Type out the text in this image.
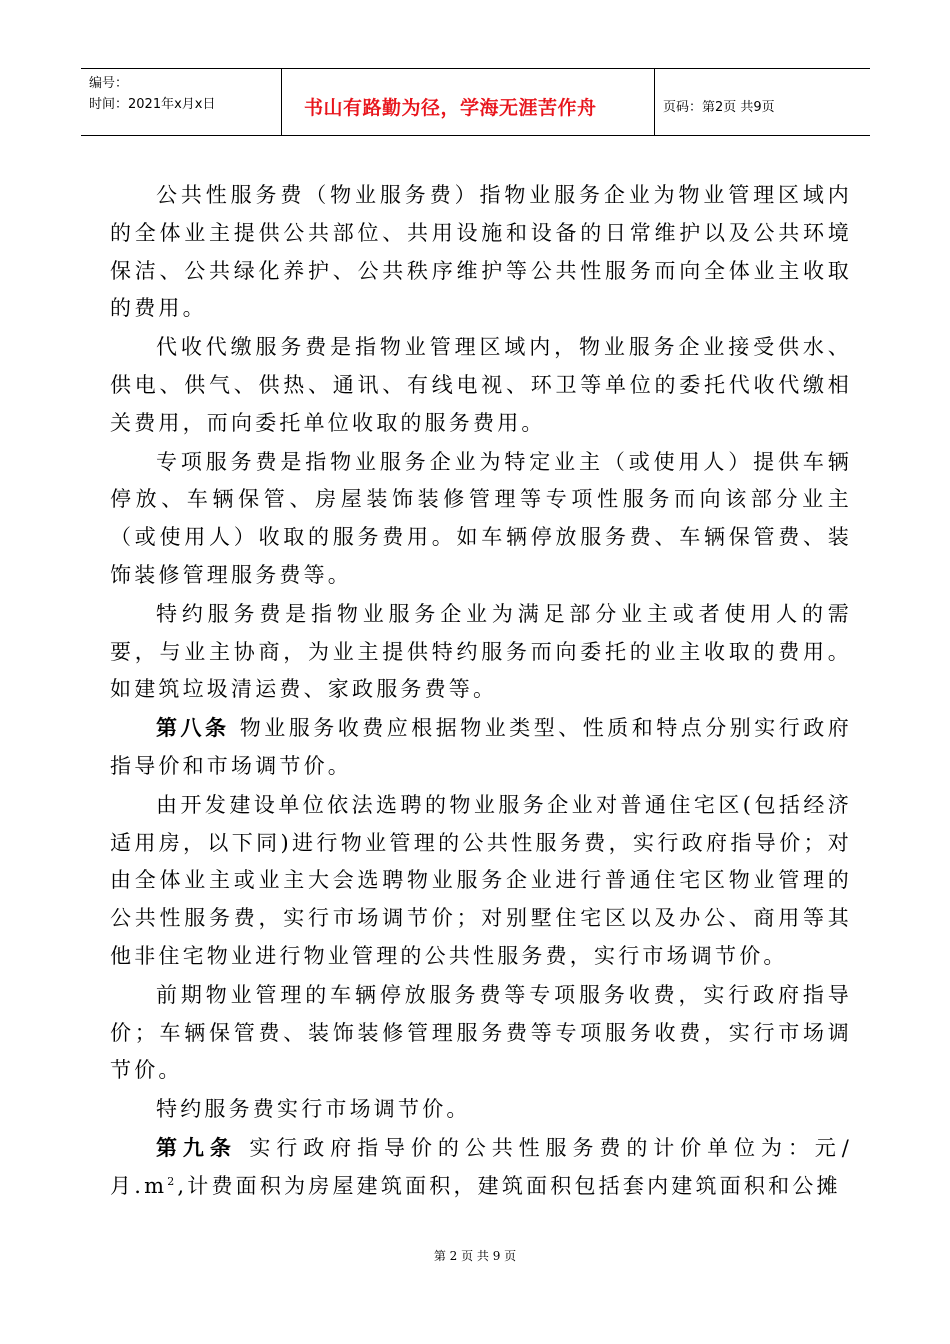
编号：
时间：2021年x月x日	书山有路勤为径，学海无涯苦作舟	页码：第2页 共9页

公共性服务费（物业服务费）指物业服务企业为物业管理区域内的全体业主提供公共部位、共用设施和设备的日常维护以及公共环境保洁、公共绿化养护、公共秩序维护等公共性服务而向全体业主收取的费用。

代收代缴服务费是指物业管理区域内，物业服务企业接受供水、供电、供气、供热、通讯、有线电视、环卫等单位的委托代收代缴相关费用，而向委托单位收取的服务费用。

专项服务费是指物业服务企业为特定业主（或使用人）提供车辆停放、车辆保管、房屋装饰装修管理等专项性服务而向该部分业主（或使用人）收取的服务费用。如车辆停放服务费、车辆保管费、装饰装修管理服务费等。

特约服务费是指物业服务企业为满足部分业主或者使用人的需要，与业主协商，为业主提供特约服务而向委托的业主收取的费用。如建筑垃圾清运费、家政服务费等。

第八条 物业服务收费应根据物业类型、性质和特点分别实行政府指导价和市场调节价。

由开发建设单位依法选聘的物业服务企业对普通住宅区(包括经济适用房，以下同)进行物业管理的公共性服务费，实行政府指导价；对由全体业主或业主大会选聘物业服务企业进行普通住宅区物业管理的公共性服务费，实行市场调节价；对别墅住宅区以及办公、商用等其他非住宅物业进行物业管理的公共性服务费，实行市场调节价。

前期物业管理的车辆停放服务费等专项服务收费，实行政府指导价；车辆保管费、装饰装修管理服务费等专项服务收费，实行市场调节价。

特约服务费实行市场调节价。

第九条 实行政府指导价的公共性服务费的计价单位为：元/月$.m^2$,计费面积为房屋建筑面积，建筑面积包括套内建筑面积和公摊

第 2 页 共 9 页
